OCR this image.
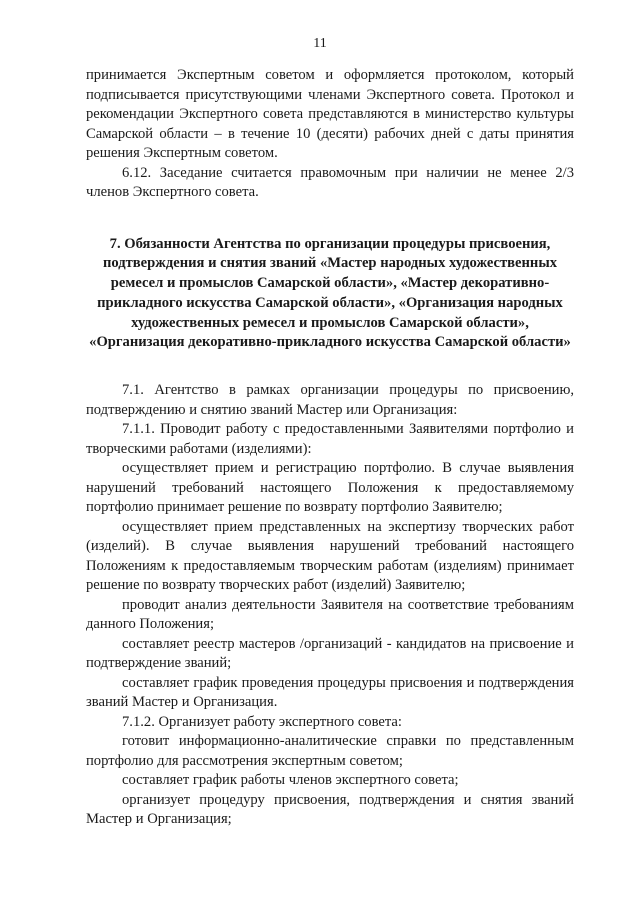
11

принимается Экспертным советом и оформляется протоколом, который подписывается присутствующими членами Экспертного совета. Протокол и рекомендации Экспертного совета представляются в министерство культуры Самарской области – в течение 10 (десяти) рабочих дней с даты принятия решения Экспертным советом.

6.12. Заседание считается правомочным при наличии не менее 2/3 членов Экспертного совета.

7. Обязанности Агентства по организации процедуры присвоения, подтверждения и снятия званий «Мастер народных художественных ремесел и промыслов Самарской области», «Мастер декоративно-прикладного искусства Самарской области», «Организация народных художественных ремесел и промыслов Самарской области», «Организация декоративно-прикладного искусства Самарской области»

7.1. Агентство в рамках организации процедуры по присвоению, подтверждению и снятию званий Мастер или Организация:

7.1.1. Проводит работу с предоставленными Заявителями портфолио и творческими работами (изделиями):

осуществляет прием и регистрацию портфолио. В случае выявления нарушений требований настоящего Положения к предоставляемому портфолио принимает решение по возврату портфолио Заявителю;

осуществляет прием представленных на экспертизу творческих работ (изделий). В случае выявления нарушений требований настоящего Положениям к предоставляемым творческим работам (изделиям) принимает решение по возврату творческих работ (изделий) Заявителю;

проводит анализ деятельности Заявителя на соответствие требованиям данного Положения;

составляет реестр мастеров /организаций - кандидатов на присвоение и подтверждение званий;

составляет график проведения процедуры присвоения и подтверждения званий Мастер и Организация.

7.1.2. Организует работу экспертного совета:

готовит информационно-аналитические справки по представленным портфолио для рассмотрения экспертным советом;

составляет график работы членов экспертного совета;

организует процедуру присвоения, подтверждения и снятия званий Мастер и Организация;
